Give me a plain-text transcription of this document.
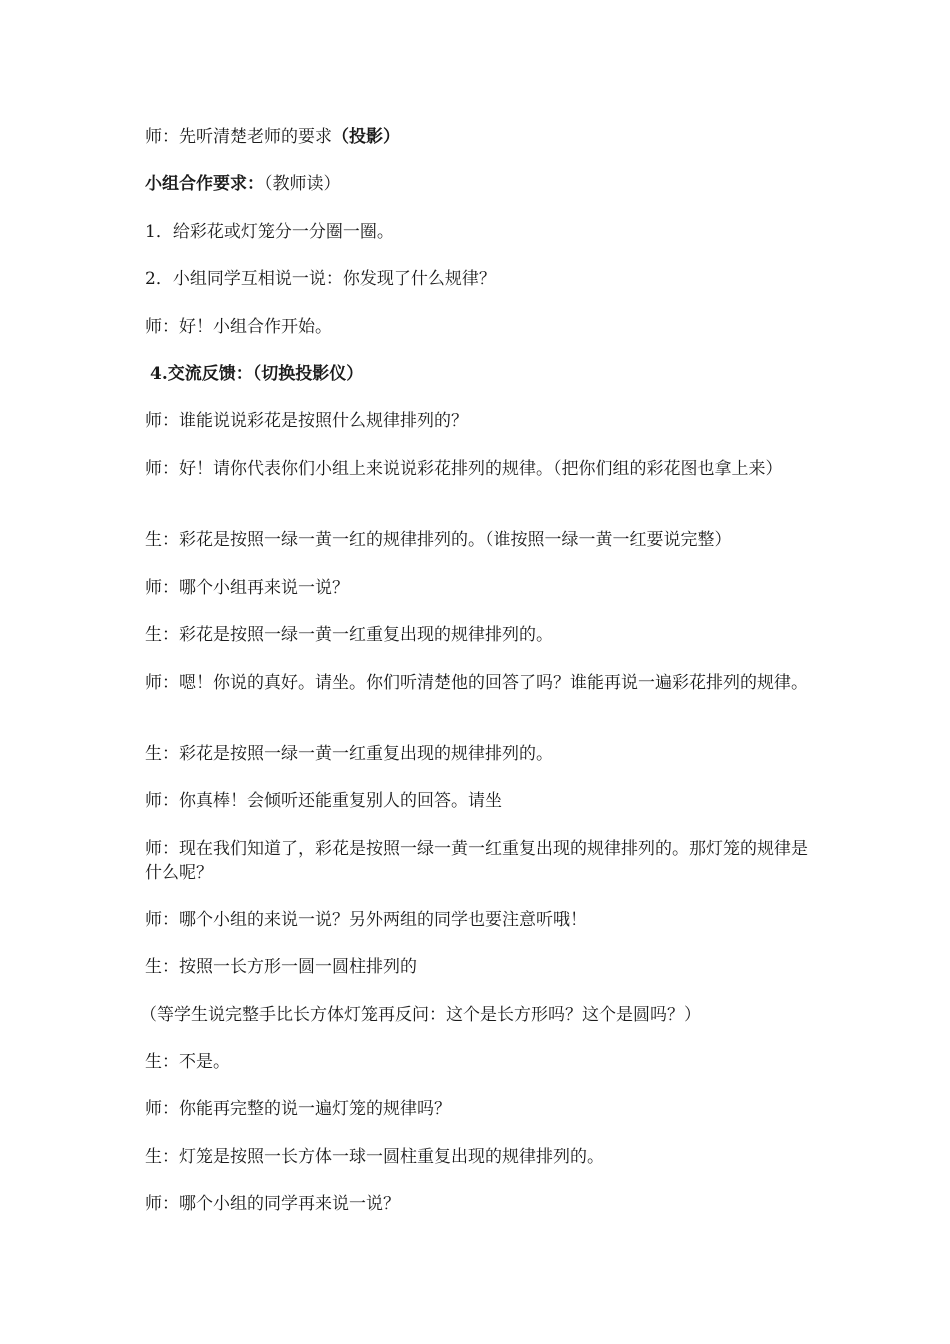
师：先听清楚老师的要求（投影）

小组合作要求：（教师读）

1．给彩花或灯笼分一分圈一圈。

2．小组同学互相说一说：你发现了什么规律？

师：好！小组合作开始。

4.交流反馈：（切换投影仪）

师：谁能说说彩花是按照什么规律排列的？

师：好！请你代表你们小组上来说说彩花排列的规律。（把你们组的彩花图也拿上来）

生：彩花是按照一绿一黄一红的规律排列的。（谁按照一绿一黄一红要说完整）

师：哪个小组再来说一说？

生：彩花是按照一绿一黄一红重复出现的规律排列的。

师：嗯！你说的真好。请坐。你们听清楚他的回答了吗？谁能再说一遍彩花排列的规律。

生：彩花是按照一绿一黄一红重复出现的规律排列的。

师：你真棒！会倾听还能重复别人的回答。请坐

师：现在我们知道了，彩花是按照一绿一黄一红重复出现的规律排列的。那灯笼的规律是什么呢？

师：哪个小组的来说一说？另外两组的同学也要注意听哦！

生：按照一长方形一圆一圆柱排列的

（等学生说完整手比长方体灯笼再反问：这个是长方形吗？这个是圆吗？）

生：不是。

师：你能再完整的说一遍灯笼的规律吗？

生：灯笼是按照一长方体一球一圆柱重复出现的规律排列的。

师：哪个小组的同学再来说一说？
